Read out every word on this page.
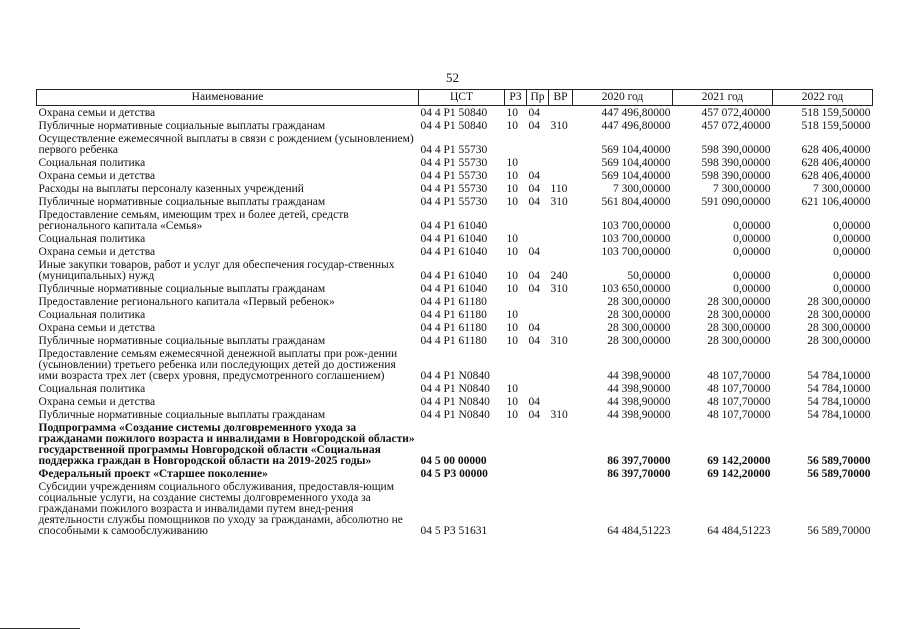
52
Наименование	ЦСТ	РЗ	Пр	ВР	2020 год	2021 год	2022 год
Охрана семьи и детства	04 4 P1 50840	10	04		447 496,80000	457 072,40000	518 159,50000
Публичные нормативные социальные выплаты гражданам	04 4 P1 50840	10	04	310	447 496,80000	457 072,40000	518 159,50000
Осуществление ежемесячной выплаты в связи с рождением (усыновлением) первого ребенка	04 4 P1 55730				569 104,40000	598 390,00000	628 406,40000
Социальная политика	04 4 P1 55730	10			569 104,40000	598 390,00000	628 406,40000
Охрана семьи и детства	04 4 P1 55730	10	04		569 104,40000	598 390,00000	628 406,40000
Расходы на выплаты персоналу казенных учреждений	04 4 P1 55730	10	04	110	7 300,00000	7 300,00000	7 300,00000
Публичные нормативные социальные выплаты гражданам	04 4 P1 55730	10	04	310	561 804,40000	591 090,00000	621 106,40000
Предоставление семьям, имеющим трех и более детей, средств регионального капитала «Семья»	04 4 P1 61040				103 700,00000	0,00000	0,00000
Социальная политика	04 4 P1 61040	10			103 700,00000	0,00000	0,00000
Охрана семьи и детства	04 4 P1 61040	10	04		103 700,00000	0,00000	0,00000
Иные закупки товаров, работ и услуг для обеспечения государ-ственных (муниципальных) нужд	04 4 P1 61040	10	04	240	50,00000	0,00000	0,00000
Публичные нормативные социальные выплаты гражданам	04 4 P1 61040	10	04	310	103 650,00000	0,00000	0,00000
Предоставление регионального капитала «Первый ребенок»	04 4 P1 61180				28 300,00000	28 300,00000	28 300,00000
Социальная политика	04 4 P1 61180	10			28 300,00000	28 300,00000	28 300,00000
Охрана семьи и детства	04 4 P1 61180	10	04		28 300,00000	28 300,00000	28 300,00000
Публичные нормативные социальные выплаты гражданам	04 4 P1 61180	10	04	310	28 300,00000	28 300,00000	28 300,00000
Предоставление семьям ежемесячной денежной выплаты при рож-дении (усыновлении) третьего ребенка или последующих детей до достижения ими возраста трех лет (сверх уровня, предусмотренного соглашением)	04 4 P1 N0840				44 398,90000	48 107,70000	54 784,10000
Социальная политика	04 4 P1 N0840	10			44 398,90000	48 107,70000	54 784,10000
Охрана семьи и детства	04 4 P1 N0840	10	04		44 398,90000	48 107,70000	54 784,10000
Публичные нормативные социальные выплаты гражданам	04 4 P1 N0840	10	04	310	44 398,90000	48 107,70000	54 784,10000
Подпрограмма «Создание системы долговременного ухода за гражданами пожилого возраста и инвалидами в Новгородской области» государственной программы Новгородской области «Социальная поддержка граждан в Новгородской области на 2019-2025 годы»	04 5 00 00000				86 397,70000	69 142,20000	56 589,70000
Федеральный проект «Старшее поколение»	04 5 P3 00000				86 397,70000	69 142,20000	56 589,70000
Субсидии учреждениям социального обслуживания, предоставля-ющим социальные услуги, на создание системы долговременного ухода за гражданами пожилого возраста и инвалидами путем внед-рения деятельности службы помощников по уходу за гражданами, абсолютно не способными к самообслуживанию	04 5 P3 51631				64 484,51223	64 484,51223	56 589,70000
